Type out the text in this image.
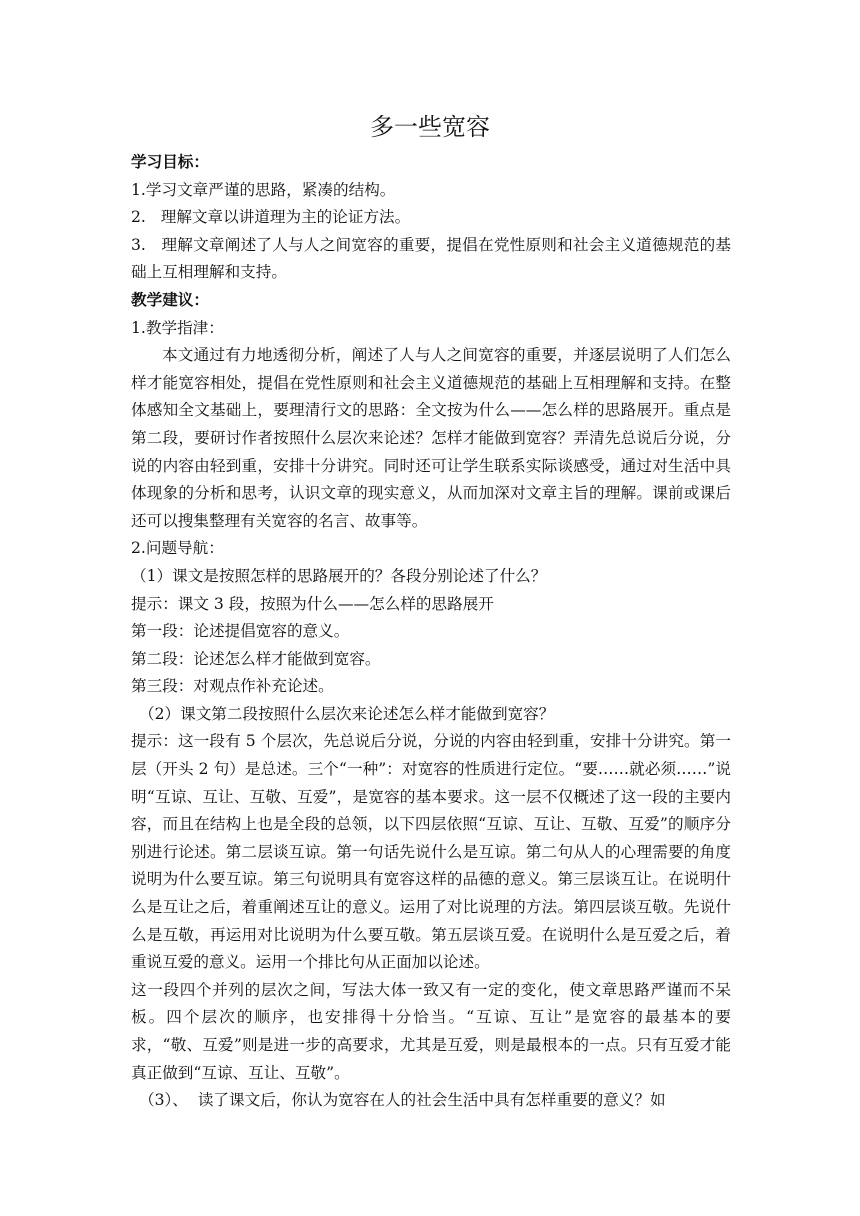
多一些宽容

学习目标：

1.学习文章严谨的思路，紧凑的结构。

2.   理解文章以讲道理为主的论证方法。

3.   理解文章阐述了人与人之间宽容的重要，提倡在党性原则和社会主义道德规范的基础上互相理解和支持。

教学建议：

1.教学指津：

本文通过有力地透彻分析，阐述了人与人之间宽容的重要，并逐层说明了人们怎么样才能宽容相处，提倡在党性原则和社会主义道德规范的基础上互相理解和支持。在整体感知全文基础上，要理清行文的思路：全文按为什么——怎么样的思路展开。重点是第二段，要研讨作者按照什么层次来论述？怎样才能做到宽容？弄清先总说后分说，分说的内容由轻到重，安排十分讲究。同时还可让学生联系实际谈感受，通过对生活中具体现象的分析和思考，认识文章的现实意义，从而加深对文章主旨的理解。课前或课后还可以搜集整理有关宽容的名言、故事等。

2.问题导航：

（1）课文是按照怎样的思路展开的？各段分别论述了什么？

提示：课文 3 段，按照为什么——怎么样的思路展开

第一段：论述提倡宽容的意义。

第二段：论述怎么样才能做到宽容。

第三段：对观点作补充论述。

（2）课文第二段按照什么层次来论述怎么样才能做到宽容？

提示：这一段有 5 个层次，先总说后分说，分说的内容由轻到重，安排十分讲究。第一层（开头 2 句）是总述。三个“一种”：对宽容的性质进行定位。“要……就必须……”说明“互谅、互让、互敬、互爱”，是宽容的基本要求。这一层不仅概述了这一段的主要内容，而且在结构上也是全段的总领，以下四层依照“互谅、互让、互敬、互爱”的顺序分别进行论述。第二层谈互谅。第一句话先说什么是互谅。第二句从人的心理需要的角度说明为什么要互谅。第三句说明具有宽容这样的品德的意义。第三层谈互让。在说明什么是互让之后，着重阐述互让的意义。运用了对比说理的方法。第四层谈互敬。先说什么是互敬，再运用对比说明为什么要互敬。第五层谈互爱。在说明什么是互爱之后，着重说互爱的意义。运用一个排比句从正面加以论述。

这一段四个并列的层次之间，写法大体一致又有一定的变化，使文章思路严谨而不呆板。四个层次的顺序，也安排得十分恰当。“互谅、互让”是宽容的最基本的要求，“敬、互爱”则是进一步的高要求，尤其是互爱，则是最根本的一点。只有互爱才能真正做到“互谅、互让、互敬”。

（3）、  读了课文后，你认为宽容在人的社会生活中具有怎样重要的意义？如
